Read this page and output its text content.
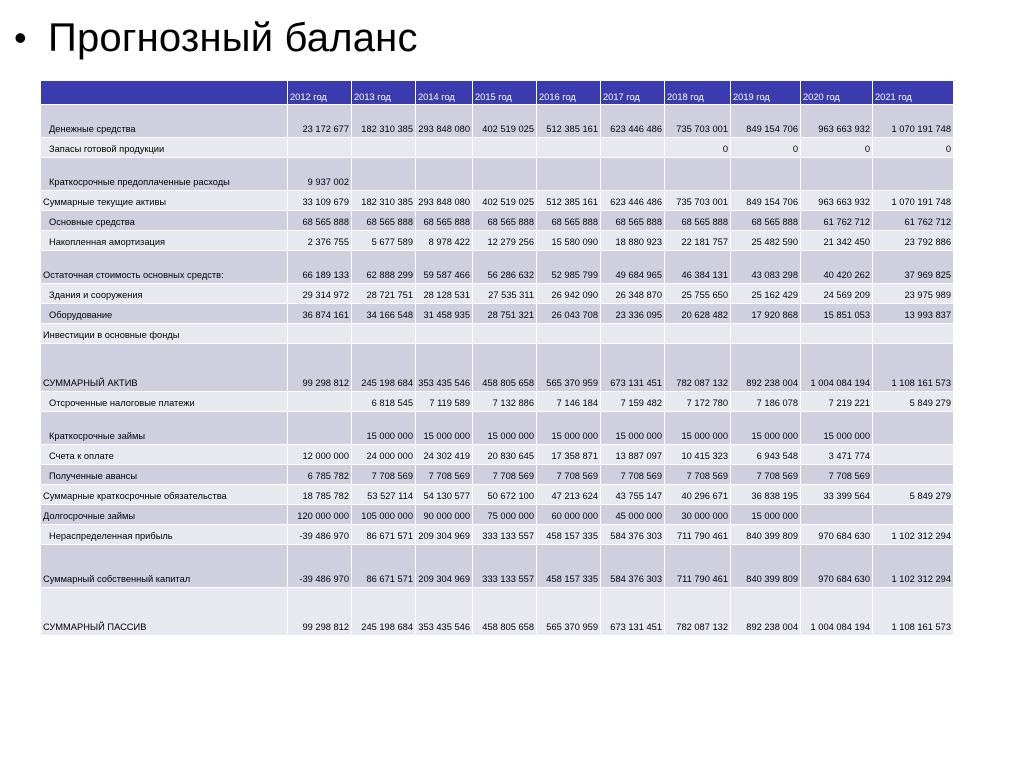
• Прогнозный баланс
	2012 год	2013 год	2014 год	2015 год	2016 год	2017 год	2018 год	2019 год	2020 год	2021 год
Денежные средства	23 172 677	182 310 385	293 848 080	402 519 025	512 385 161	623 446 486	735 703 001	849 154 706	963 663 932	1 070 191 748
Запасы готовой продукции							0	0	0	0
Краткосрочные предоплаченные расходы	9 937 002									
Суммарные текущие активы	33 109 679	182 310 385	293 848 080	402 519 025	512 385 161	623 446 486	735 703 001	849 154 706	963 663 932	1 070 191 748
Основные средства	68 565 888	68 565 888	68 565 888	68 565 888	68 565 888	68 565 888	68 565 888	68 565 888	61 762 712	61 762 712
Накопленная амортизация	2 376 755	5 677 589	8 978 422	12 279 256	15 580 090	18 880 923	22 181 757	25 482 590	21 342 450	23 792 886
Остаточная стоимость основных средств:	66 189 133	62 888 299	59 587 466	56 286 632	52 985 799	49 684 965	46 384 131	43 083 298	40 420 262	37 969 825
Здания и сооружения	29 314 972	28 721 751	28 128 531	27 535 311	26 942 090	26 348 870	25 755 650	25 162 429	24 569 209	23 975 989
Оборудование	36 874 161	34 166 548	31 458 935	28 751 321	26 043 708	23 336 095	20 628 482	17 920 868	15 851 053	13 993 837
Инвестиции в основные фонды										
СУММАРНЫЙ АКТИВ	99 298 812	245 198 684	353 435 546	458 805 658	565 370 959	673 131 451	782 087 132	892 238 004	1 004 084 194	1 108 161 573
Отсроченные налоговые платежи		6 818 545	7 119 589	7 132 886	7 146 184	7 159 482	7 172 780	7 186 078	7 219 221	5 849 279
Краткосрочные займы		15 000 000	15 000 000	15 000 000	15 000 000	15 000 000	15 000 000	15 000 000	15 000 000	
Счета к оплате	12 000 000	24 000 000	24 302 419	20 830 645	17 358 871	13 887 097	10 415 323	6 943 548	3 471 774	
Полученные авансы	6 785 782	7 708 569	7 708 569	7 708 569	7 708 569	7 708 569	7 708 569	7 708 569	7 708 569	
Суммарные краткосрочные обязательства	18 785 782	53 527 114	54 130 577	50 672 100	47 213 624	43 755 147	40 296 671	36 838 195	33 399 564	5 849 279
Долгосрочные займы	120 000 000	105 000 000	90 000 000	75 000 000	60 000 000	45 000 000	30 000 000	15 000 000		
Нераспределенная прибыль	-39 486 970	86 671 571	209 304 969	333 133 557	458 157 335	584 376 303	711 790 461	840 399 809	970 684 630	1 102 312 294
Суммарный собственный капитал	-39 486 970	86 671 571	209 304 969	333 133 557	458 157 335	584 376 303	711 790 461	840 399 809	970 684 630	1 102 312 294
СУММАРНЫЙ ПАССИВ	99 298 812	245 198 684	353 435 546	458 805 658	565 370 959	673 131 451	782 087 132	892 238 004	1 004 084 194	1 108 161 573
